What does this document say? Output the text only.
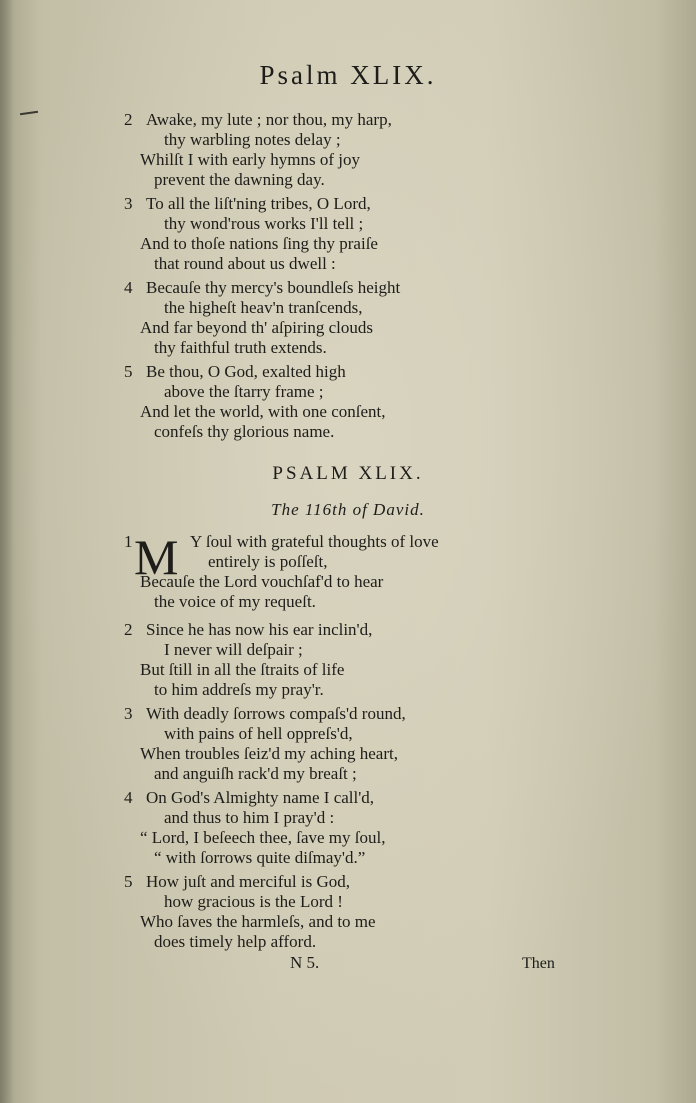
Psalm XLIX.
2 Awake, my lute ; nor thou, my harp,
thy warbling notes delay ;
Whilſt I with early hymns of joy
prevent the dawning day.
3 To all the liſt'ning tribes, O Lord,
thy wond'rous works I'll tell ;
And to thoſe nations ſing thy praiſe
that round about us dwell :
4 Becauſe thy mercy's boundleſs height
the higheſt heav'n tranſcends,
And far beyond th' aſpiring clouds
thy faithful truth extends.
5 Be thou, O God, exalted high
above the ſtarry frame ;
And let the world, with one conſent,
confeſs thy glorious name.
PSALM XLIX.
The 116th of David.
M
1	Y ſoul with grateful thoughts of love
entirely is poſſeſt,
Becauſe the Lord vouchſaf'd to hear
the voice of my requeſt.
2 Since he has now his ear inclin'd,
I never will deſpair ;
But ſtill in all the ſtraits of life
to him addreſs my pray'r.
3 With deadly ſorrows compaſs'd round,
with pains of hell oppreſs'd,
When troubles ſeiz'd my aching heart,
and anguiſh rack'd my breaſt ;
4 On God's Almighty name I call'd,
and thus to him I pray'd :
“ Lord, I beſeech thee, ſave my ſoul,
“ with ſorrows quite diſmay'd.”
5 How juſt and merciful is God,
how gracious is the Lord !
Who ſaves the harmleſs, and to me
does timely help afford.
N 5.	Then
